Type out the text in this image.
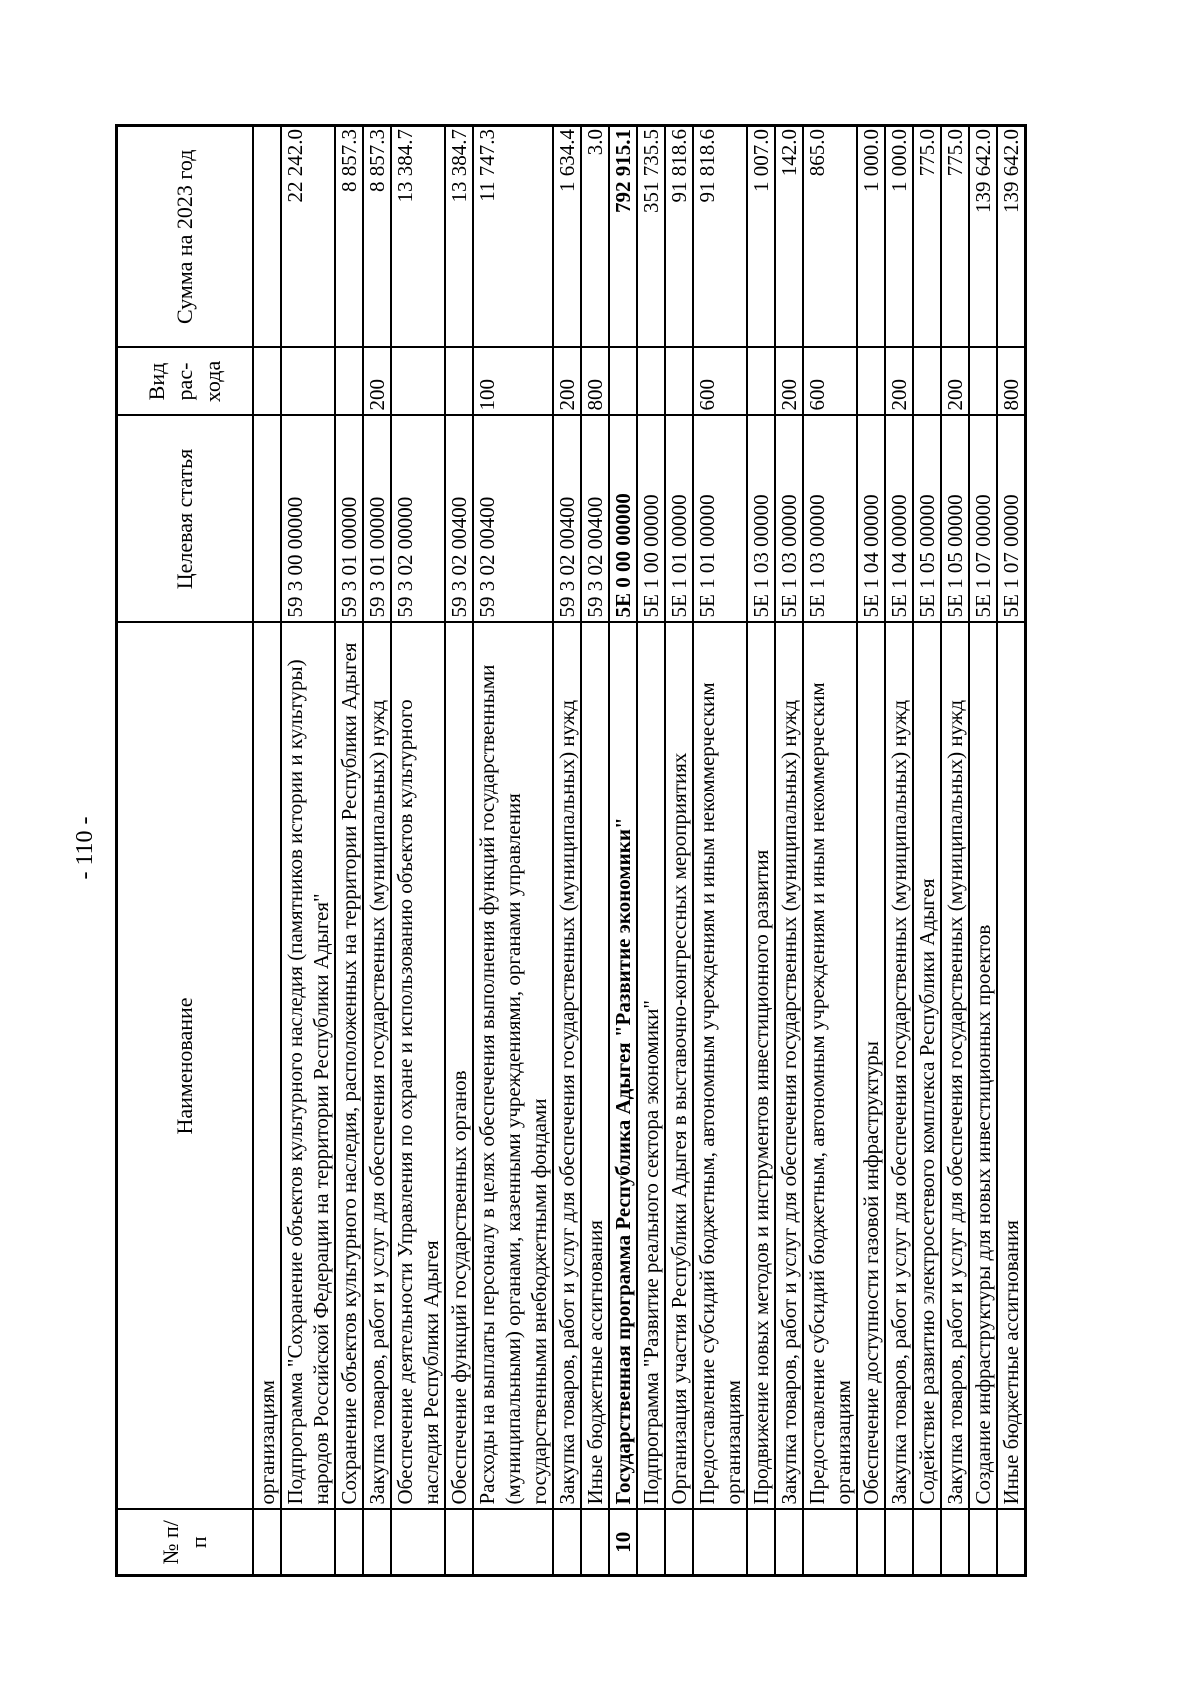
- 110 -
№ п/п	Наименование	Целевая статья	Вид рас- хода	Сумма на 2023 год
	организациям			
	Подпрограмма "Сохранение объектов культурного наследия (памятников истории и культуры) народов Российской Федерации на территории Республики Адыгея"	59 3 00 00000		22 242.0
	Сохранение объектов культурного наследия, расположенных на территории Республики Адыгея	59 3 01 00000		8 857.3
	Закупка товаров, работ и услуг для обеспечения государственных (муниципальных) нужд	59 3 01 00000	200	8 857.3
	Обеспечение деятельности Управления по охране и использованию объектов культурного наследия Республики Адыгея	59 3 02 00000		13 384.7
	Обеспечение функций государственных органов	59 3 02 00400		13 384.7
	Расходы на выплаты персоналу в целях обеспечения выполнения функций государственными (муниципальными) органами, казенными учреждениями, органами управления государственными внебюджетными фондами	59 3 02 00400	100	11 747.3
	Закупка товаров, работ и услуг для обеспечения государственных (муниципальных) нужд	59 3 02 00400	200	1 634.4
	Иные бюджетные ассигнования	59 3 02 00400	800	3.0
10	Государственная программа Республика Адыгея "Развитие экономики"	5Е 0 00 00000		792 915.1
	Подпрограмма "Развитие реального сектора экономики"	5Е 1 00 00000		351 735.5
	Организация участия Республики Адыгея в выставочно-конгрессных мероприятиях	5Е 1 01 00000		91 818.6
	Предоставление субсидий бюджетным, автономным учреждениям и иным некоммерческим организациям	5Е 1 01 00000	600	91 818.6
	Продвижение новых методов и инструментов инвестиционного развития	5Е 1 03 00000		1 007.0
	Закупка товаров, работ и услуг для обеспечения государственных (муниципальных) нужд	5Е 1 03 00000	200	142.0
	Предоставление субсидий бюджетным, автономным учреждениям и иным некоммерческим организациям	5Е 1 03 00000	600	865.0
	Обеспечение доступности газовой инфраструктуры	5Е 1 04 00000		1 000.0
	Закупка товаров, работ и услуг для обеспечения государственных (муниципальных) нужд	5Е 1 04 00000	200	1 000.0
	Содействие развитию электросетевого комплекса Республики Адыгея	5Е 1 05 00000		775.0
	Закупка товаров, работ и услуг для обеспечения государственных (муниципальных) нужд	5Е 1 05 00000	200	775.0
	Создание инфраструктуры для новых инвестиционных проектов	5Е 1 07 00000		139 642.0
	Иные бюджетные ассигнования	5Е 1 07 00000	800	139 642.0
